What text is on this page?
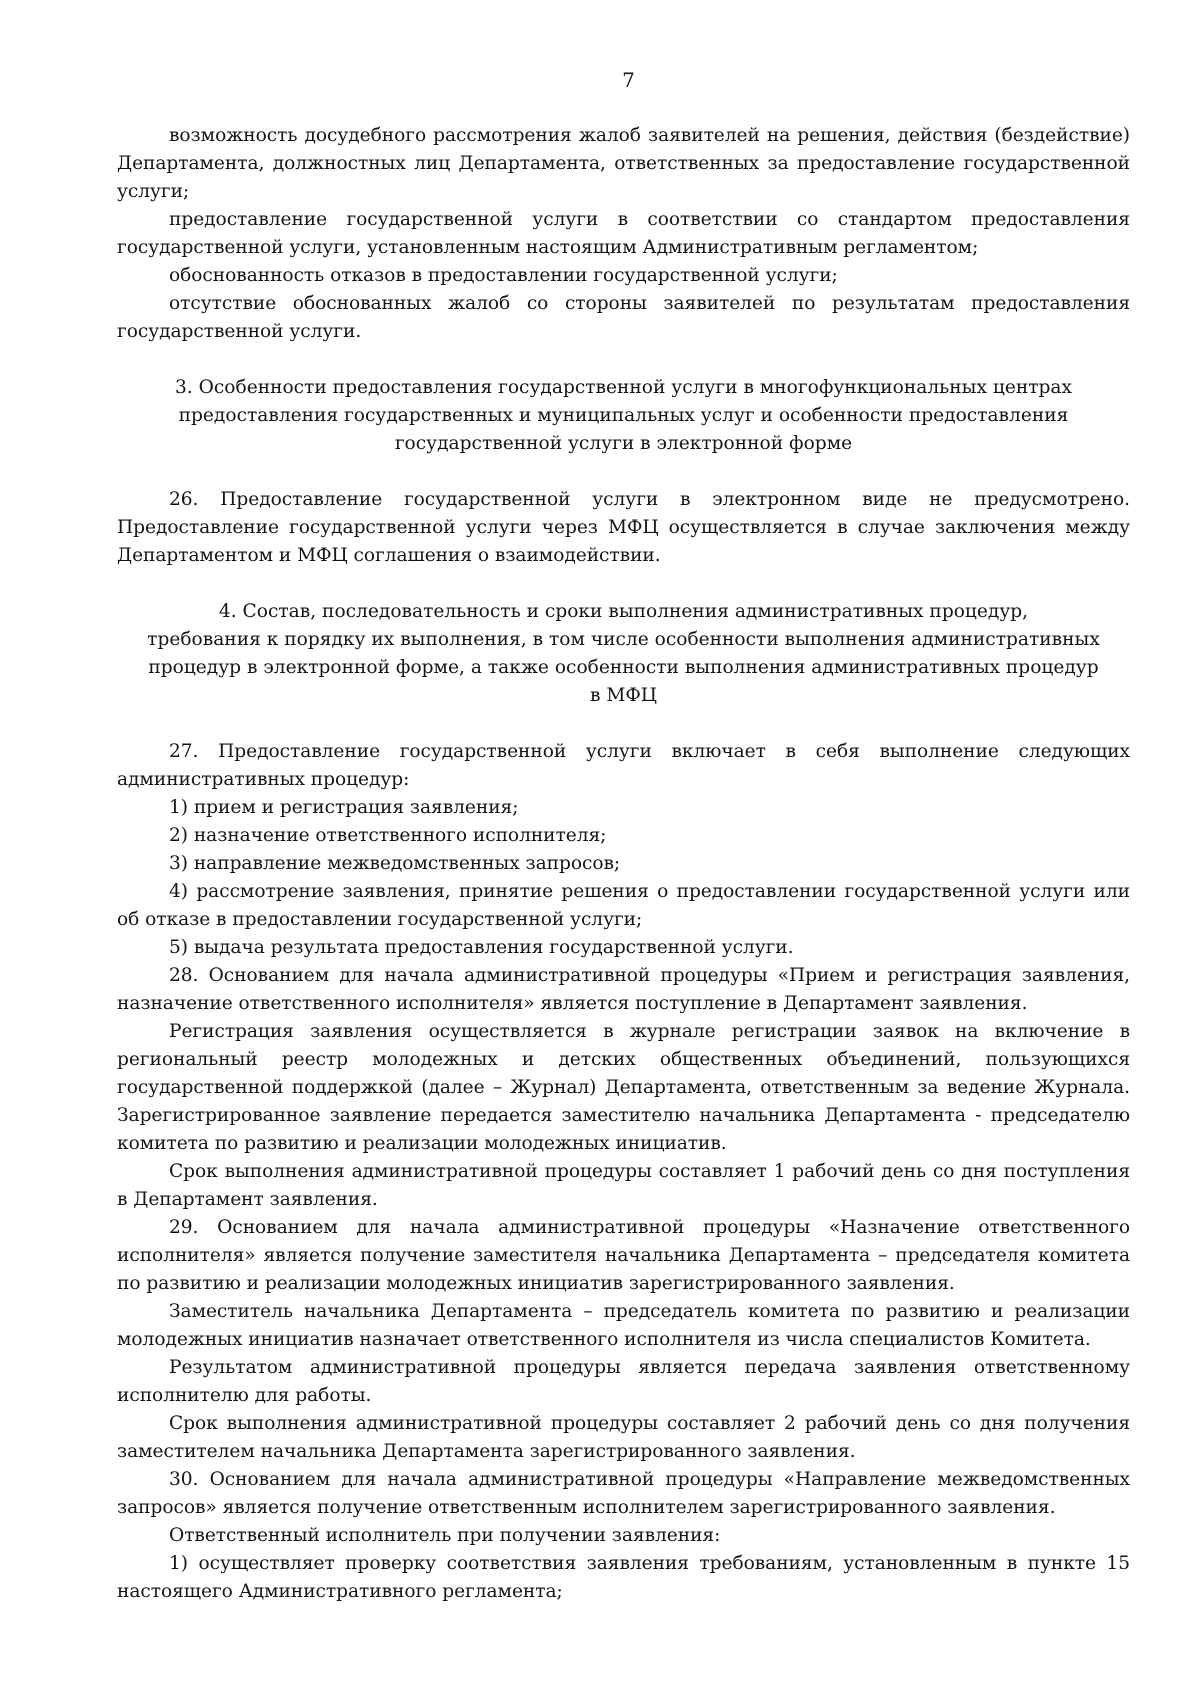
7

возможность досудебного рассмотрения жалоб заявителей на решения, действия (бездействие) Департамента, должностных лиц Департамента, ответственных за предоставление государственной услуги;

предоставление государственной услуги в соответствии со стандартом предоставления государственной услуги, установленным настоящим Административным регламентом;

обоснованность отказов в предоставлении государственной услуги;

отсутствие обоснованных жалоб со стороны заявителей по результатам предоставления государственной услуги.

3. Особенности предоставления государственной услуги в многофункциональных центрах
предоставления государственных и муниципальных услуг и особенности предоставления
государственной услуги в электронной форме

26. Предоставление государственной услуги в электронном виде не предусмотрено. Предоставление государственной услуги через МФЦ осуществляется в случае заключения между Департаментом и МФЦ соглашения о взаимодействии.

4. Состав, последовательность и сроки выполнения административных процедур,
требования к порядку их выполнения, в том числе особенности выполнения административных
процедур в электронной форме, а также особенности выполнения административных процедур
в МФЦ

27. Предоставление государственной услуги включает в себя выполнение следующих административных процедур:

1) прием и регистрация заявления;

2) назначение ответственного исполнителя;

3) направление межведомственных запросов;

4) рассмотрение заявления, принятие решения о предоставлении государственной услуги или об отказе в предоставлении государственной услуги;

5) выдача результата предоставления государственной услуги.

28. Основанием для начала административной процедуры «Прием и регистрация заявления, назначение ответственного исполнителя» является поступление в Департамент заявления.

Регистрация заявления осуществляется в журнале регистрации заявок на включение в региональный реестр молодежных и детских общественных объединений, пользующихся государственной поддержкой (далее – Журнал) Департамента, ответственным за ведение Журнала. Зарегистрированное заявление передается заместителю начальника Департамента - председателю комитета по развитию и реализации молодежных инициатив.

Срок выполнения административной процедуры составляет 1 рабочий день со дня поступления в Департамент заявления.

29. Основанием для начала административной процедуры «Назначение ответственного исполнителя» является получение заместителя начальника Департамента – председателя комитета по развитию и реализации молодежных инициатив зарегистрированного заявления.

Заместитель начальника Департамента – председатель комитета по развитию и реализации молодежных инициатив назначает ответственного исполнителя из числа специалистов Комитета.

Результатом административной процедуры является передача заявления ответственному исполнителю для работы.

Срок выполнения административной процедуры составляет 2 рабочий день со дня получения заместителем начальника Департамента зарегистрированного заявления.

30. Основанием для начала административной процедуры «Направление межведомственных запросов» является получение ответственным исполнителем зарегистрированного заявления.

Ответственный исполнитель при получении заявления:

1) осуществляет проверку соответствия заявления требованиям, установленным в пункте 15 настоящего Административного регламента;
